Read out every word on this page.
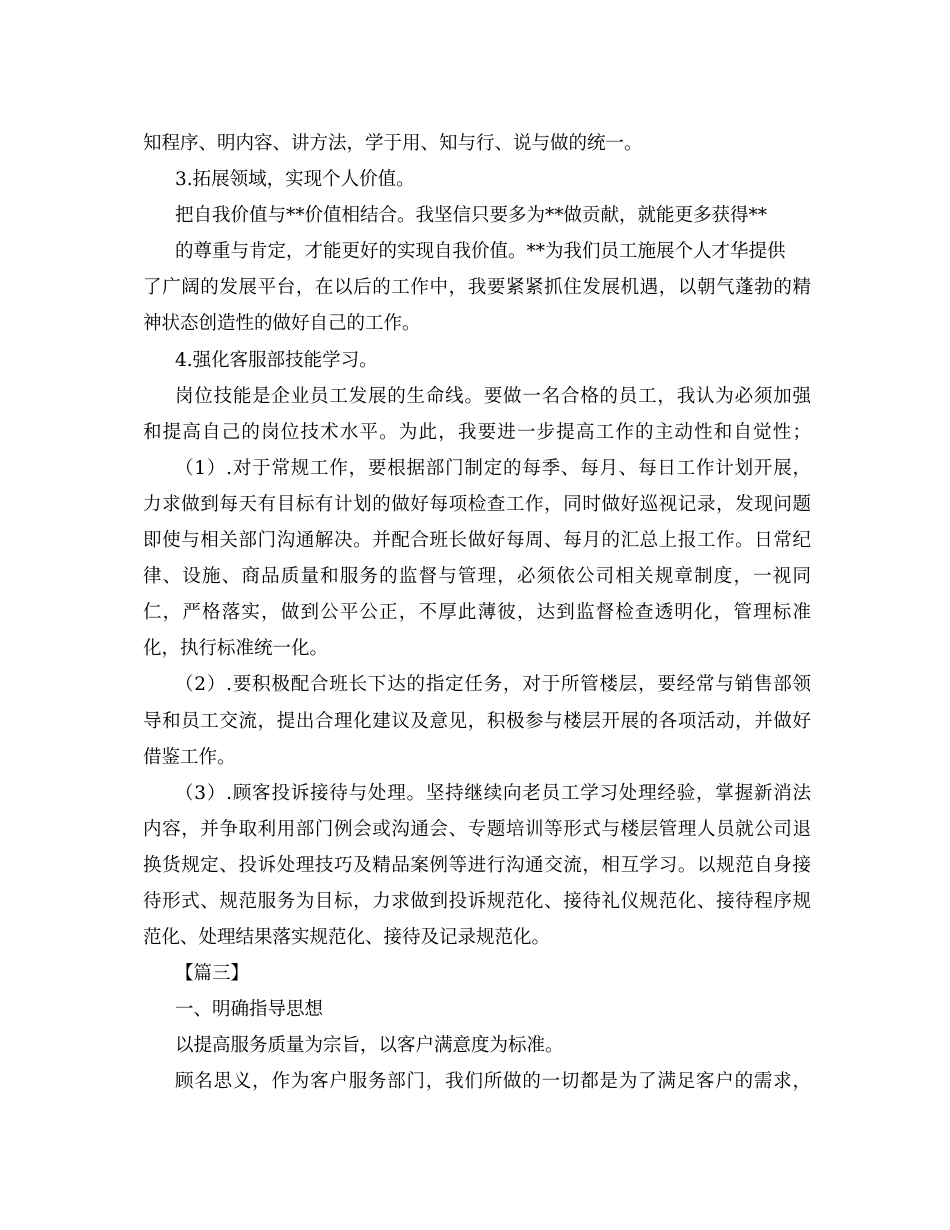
知程序、明内容、讲方法，学于用、知与行、说与做的统一。
3.拓展领域，实现个人价值。
把自我价值与**价值相结合。我坚信只要多为**做贡献，就能更多获得**
的尊重与肯定，才能更好的实现自我价值。**为我们员工施展个人才华提供
了广阔的发展平台，在以后的工作中，我要紧紧抓住发展机遇，以朝气蓬勃的精
神状态创造性的做好自己的工作。
4.强化客服部技能学习。
岗位技能是企业员工发展的生命线。要做一名合格的员工，我认为必须加强
和提高自己的岗位技术水平。为此，我要进一步提高工作的主动性和自觉性；
（1）.对于常规工作，要根据部门制定的每季、每月、每日工作计划开展，
力求做到每天有目标有计划的做好每项检查工作，同时做好巡视记录，发现问题
即使与相关部门沟通解决。并配合班长做好每周、每月的汇总上报工作。日常纪
律、设施、商品质量和服务的监督与管理，必须依公司相关规章制度，一视同
仁，严格落实，做到公平公正，不厚此薄彼，达到监督检查透明化，管理标准
化，执行标准统一化。
（2）.要积极配合班长下达的指定任务，对于所管楼层，要经常与销售部领
导和员工交流，提出合理化建议及意见，积极参与楼层开展的各项活动，并做好
借鉴工作。
（3）.顾客投诉接待与处理。坚持继续向老员工学习处理经验，掌握新消法
内容，并争取利用部门例会或沟通会、专题培训等形式与楼层管理人员就公司退
换货规定、投诉处理技巧及精品案例等进行沟通交流，相互学习。以规范自身接
待形式、规范服务为目标，力求做到投诉规范化、接待礼仪规范化、接待程序规
范化、处理结果落实规范化、接待及记录规范化。
【篇三】
一、明确指导思想
以提高服务质量为宗旨，以客户满意度为标准。
顾名思义，作为客户服务部门，我们所做的一切都是为了满足客户的需求，
